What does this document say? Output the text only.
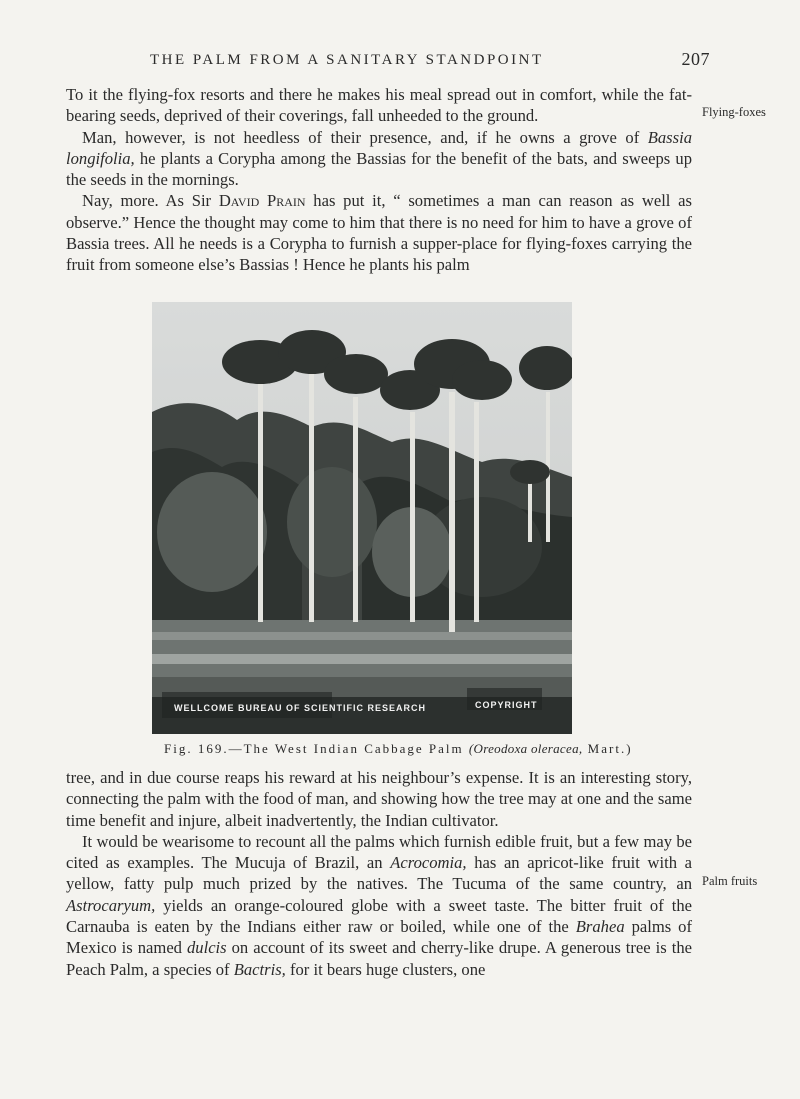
THE PALM FROM A SANITARY STANDPOINT	207

To it the flying-fox resorts and there he makes his meal spread out in comfort, while the fat-bearing seeds, deprived of their coverings, fall unheeded to the ground.

Man, however, is not heedless of their presence, and, if he owns a grove of Bassia longifolia, he plants a Corypha among the Bassias for the benefit of the bats, and sweeps up the seeds in the mornings.

Nay, more. As Sir David Prain has put it, “ sometimes a man can reason as well as observe.” Hence the thought may come to him that there is no need for him to have a grove of Bassia trees. All he needs is a Corypha to furnish a supper-place for flying-foxes carrying the fruit from someone else’s Bassias ! Hence he plants his palm

Flying-foxes
WELLCOME BUREAU OF SCIENTIFIC RESEARCH	COPYRIGHT
Fig. 169.—The West Indian Cabbage Palm (Oreodoxa oleracea, Mart.)

tree, and in due course reaps his reward at his neighbour’s expense. It is an interesting story, connecting the palm with the food of man, and showing how the tree may at one and the same time benefit and injure, albeit inadvertently, the Indian cultivator.

It would be wearisome to recount all the palms which furnish edible fruit, but a few may be cited as examples. The Mucuja of Brazil, an Acrocomia, has an apricot-like fruit with a yellow, fatty pulp much prized by the natives. The Tucuma of the same country, an Astrocaryum, yields an orange-coloured globe with a sweet taste. The bitter fruit of the Carnauba is eaten by the Indians either raw or boiled, while one of the Brahea palms of Mexico is named dulcis on account of its sweet and cherry-like drupe. A generous tree is the Peach Palm, a species of Bactris, for it bears huge clusters, one

Palm fruits
